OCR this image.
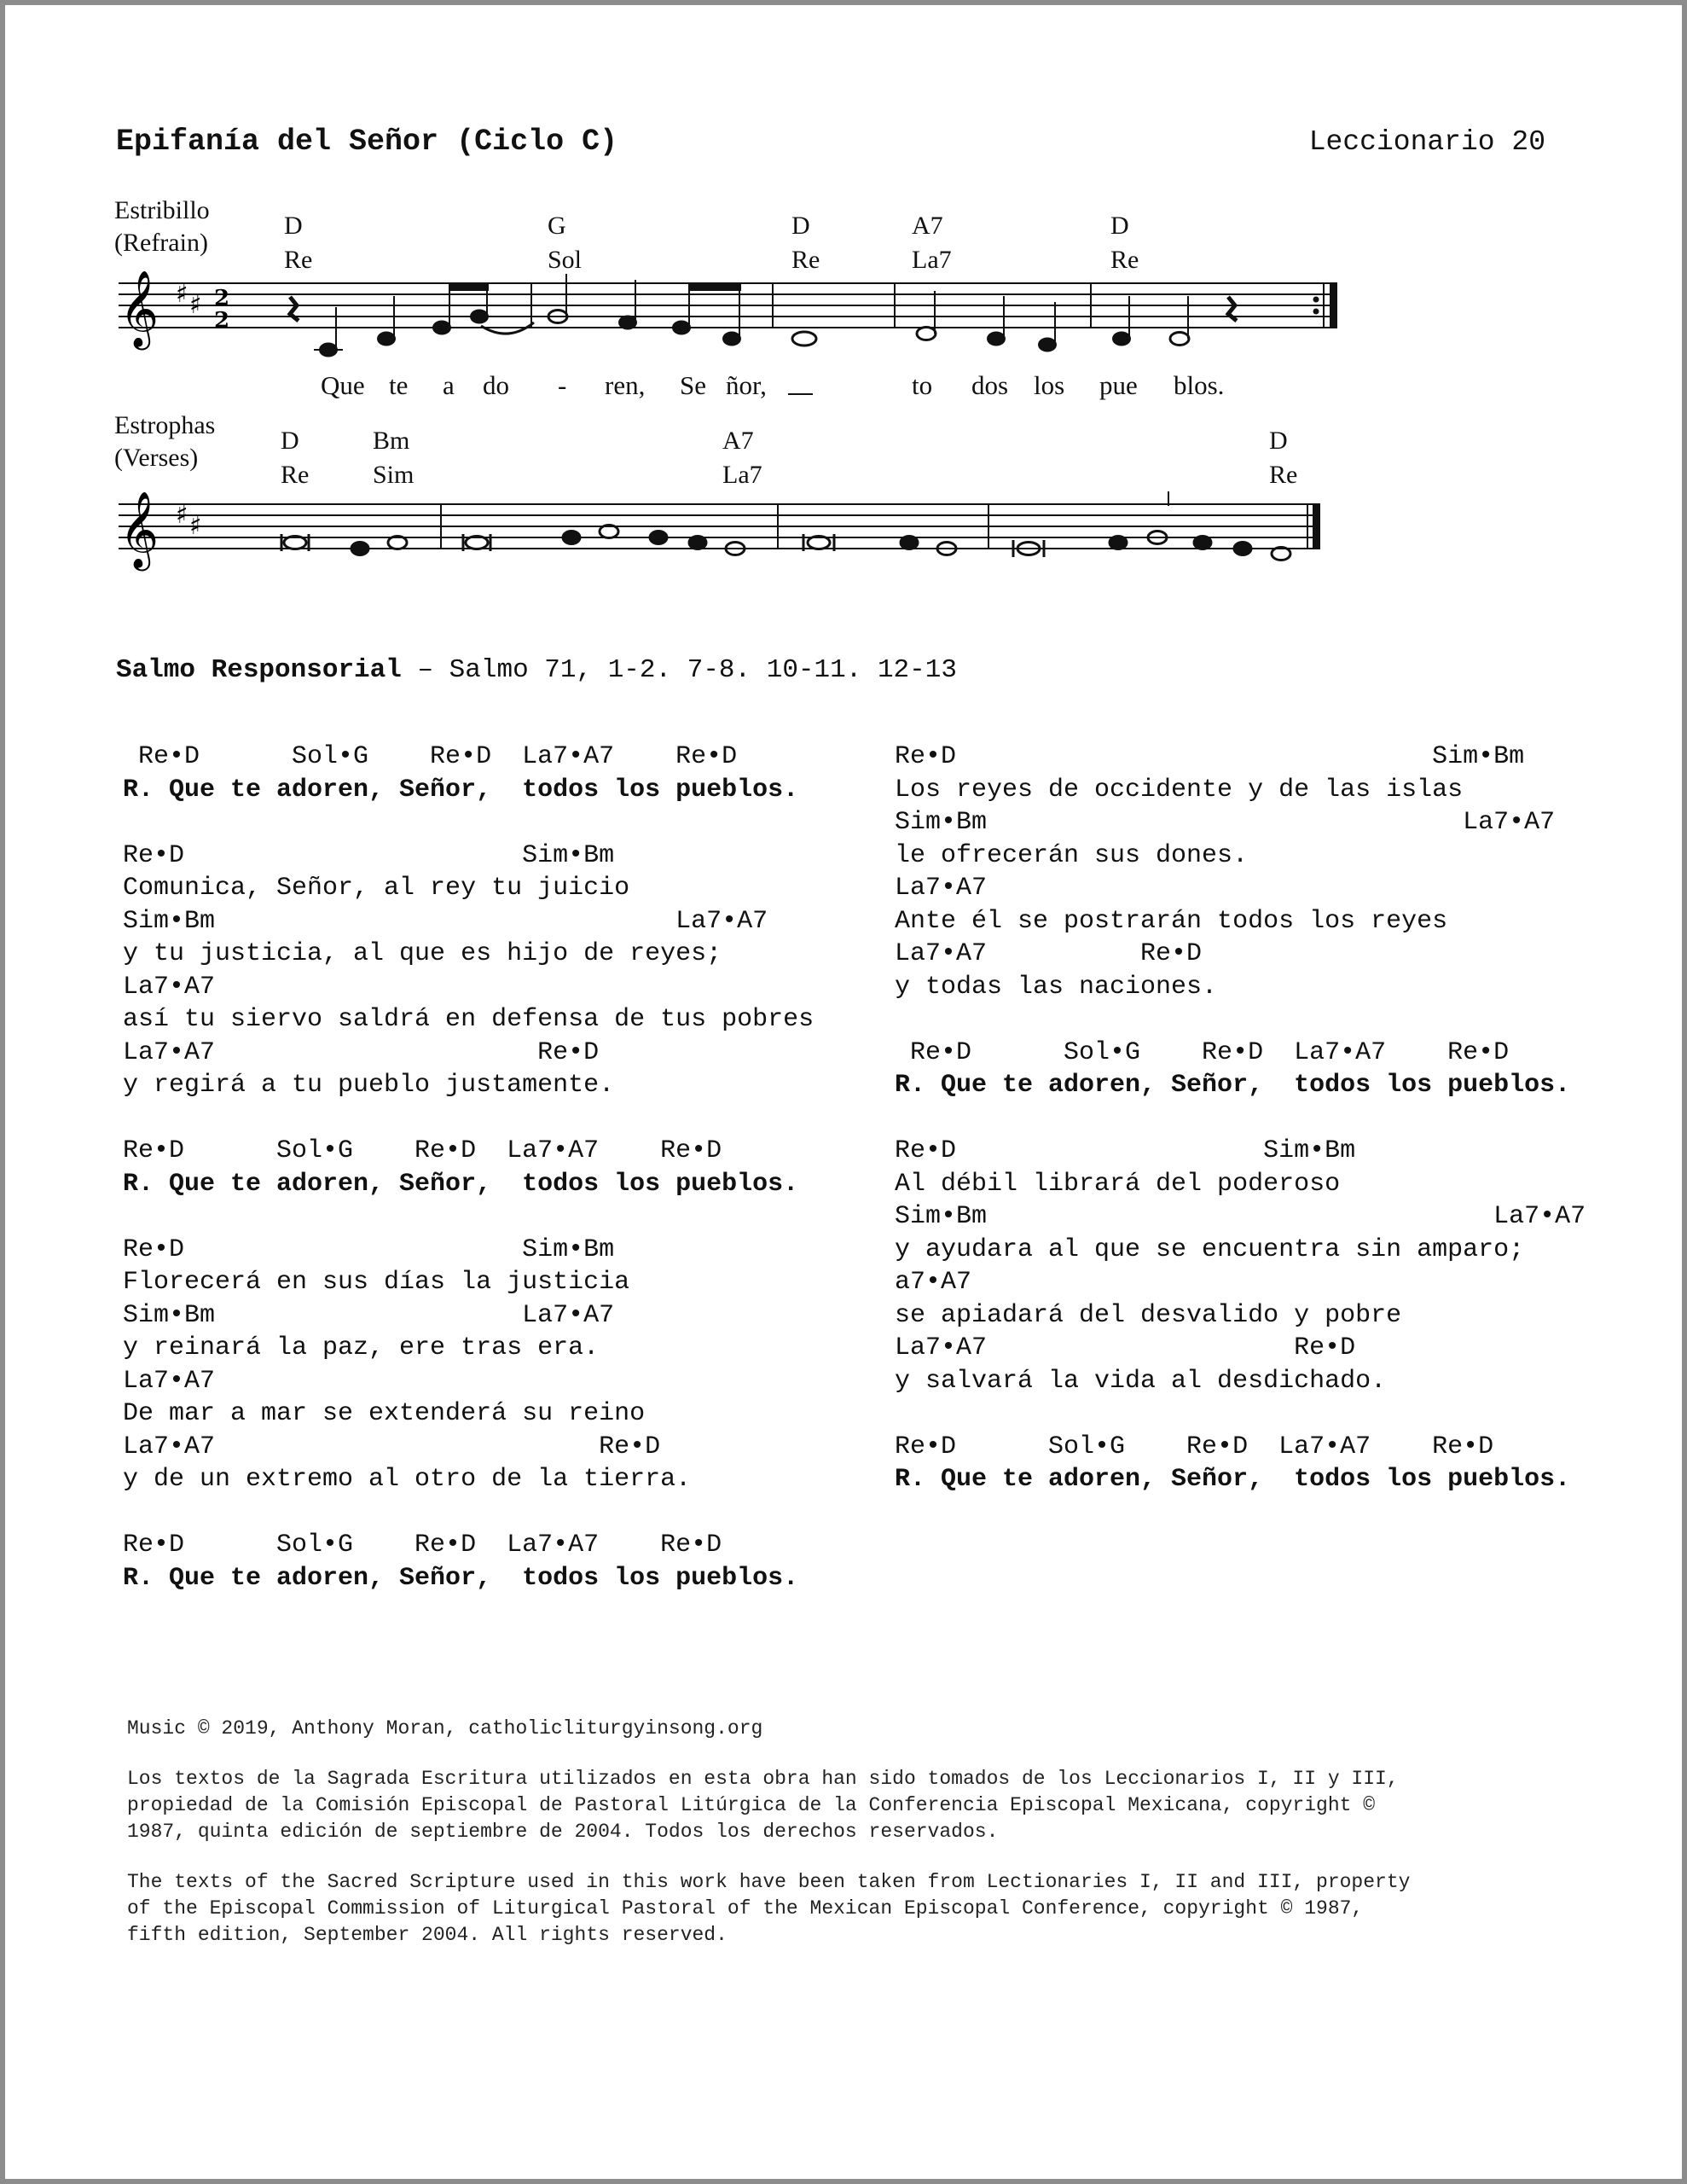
Epifanía del Señor (Ciclo C)	Leccionario 20
Estribillo
(Refrain)
Estrophas
(Verses)
D
Re
G
Sol
D
Re
A7
La7
D
Re
Que te a do - ren, Se ñor,	to dos los pue blos.
D
Re
Bm
Sim
A7
La7
D
Re
𝄞 ♯ ♯ 2
2
𝄞 ♯ ♯
Salmo Responsorial – Salmo 71, 1-2. 7-8. 10-11. 12-13
Re•D      Sol•G    Re•D  La7•A7    Re•D
R. Que te adoren, Señor,  todos los pueblos.
Re•D                      Sim•Bm
Comunica, Señor, al rey tu juicio
Sim•Bm                              La7•A7
y tu justicia, al que es hijo de reyes;
La7•A7
así tu siervo saldrá en defensa de tus pobres
La7•A7                     Re•D
y regirá a tu pueblo justamente.
Re•D      Sol•G    Re•D  La7•A7    Re•D
R. Que te adoren, Señor,  todos los pueblos.
Re•D                      Sim•Bm
Florecerá en sus días la justicia
Sim•Bm                    La7•A7
y reinará la paz, ere tras era.
La7•A7
De mar a mar se extenderá su reino
La7•A7                         Re•D
y de un extremo al otro de la tierra.
Re•D      Sol•G    Re•D  La7•A7    Re•D
R. Que te adoren, Señor,  todos los pueblos.
Re•D                               Sim•Bm
Los reyes de occidente y de las islas
Sim•Bm                               La7•A7
le ofrecerán sus dones.
La7•A7
Ante él se postrarán todos los reyes
La7•A7          Re•D
y todas las naciones.
Re•D      Sol•G    Re•D  La7•A7    Re•D
R. Que te adoren, Señor,  todos los pueblos.
Re•D                    Sim•Bm
Al débil librará del poderoso
Sim•Bm                                 La7•A7
y ayudara al que se encuentra sin amparo;
a7•A7
se apiadará del desvalido y pobre
La7•A7                    Re•D
y salvará la vida al desdichado.
Re•D      Sol•G    Re•D  La7•A7    Re•D
R. Que te adoren, Señor,  todos los pueblos.

Music © 2019, Anthony Moran, catholicliturgyinsong.org

Los textos de la Sagrada Escritura utilizados en esta obra han sido tomados de los Leccionarios I, II y III,
propiedad de la Comisión Episcopal de Pastoral Litúrgica de la Conferencia Episcopal Mexicana, copyright ©
1987, quinta edición de septiembre de 2004. Todos los derechos reservados.

The texts of the Sacred Scripture used in this work have been taken from Lectionaries I, II and III, property
of the Episcopal Commission of Liturgical Pastoral of the Mexican Episcopal Conference, copyright © 1987,
fifth edition, September 2004. All rights reserved.
